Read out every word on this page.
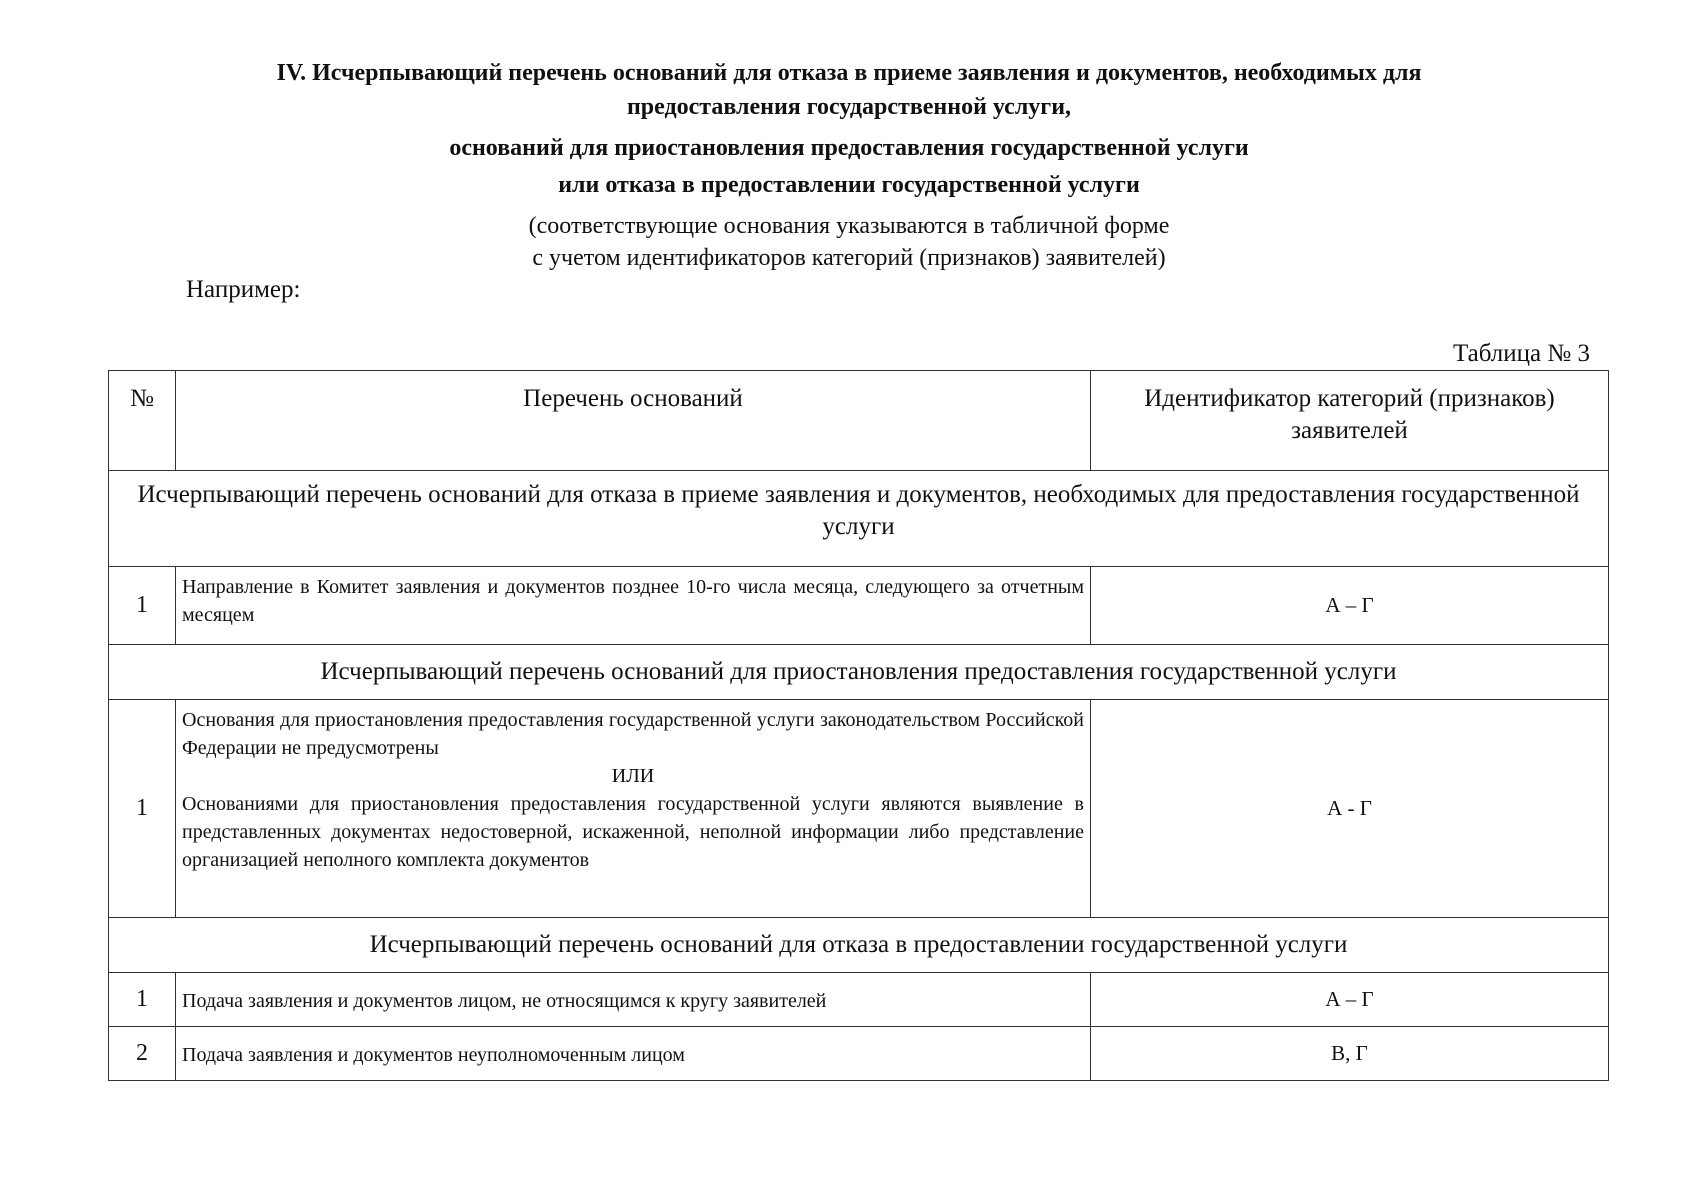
IV. Исчерпывающий перечень оснований для отказа в приеме заявления и документов, необходимых для
предоставления государственной услуги,
оснований для приостановления предоставления государственной услуги
или отказа в предоставлении государственной услуги
(соответствующие основания указываются в табличной форме
с учетом идентификаторов категорий (признаков) заявителей)
Например:
Таблица № 3
№	Перечень оснований	Идентификатор категорий (признаков) заявителей
Исчерпывающий перечень оснований для отказа в приеме заявления и документов, необходимых для предоставления государственной услуги		
1	Направление в Комитет заявления и документов позднее 10-го числа месяца, следующего за отчетным месяцем	А – Г
Исчерпывающий перечень оснований для приостановления предоставления государственной услуги		
1	Основания для приостановления предоставления государственной услуги законодательством Российской Федерации не предусмотрены
ИЛИ
Основаниями для приостановления предоставления государственной услуги являются выявление в представленных документах недостоверной, искаженной, неполной информации либо представление организацией неполного комплекта документов	А - Г
Исчерпывающий перечень оснований для отказа в предоставлении государственной услуги		
1	Подача заявления и документов лицом, не относящимся к кругу заявителей	А – Г
2	Подача заявления и документов неуполномоченным лицом	В, Г
